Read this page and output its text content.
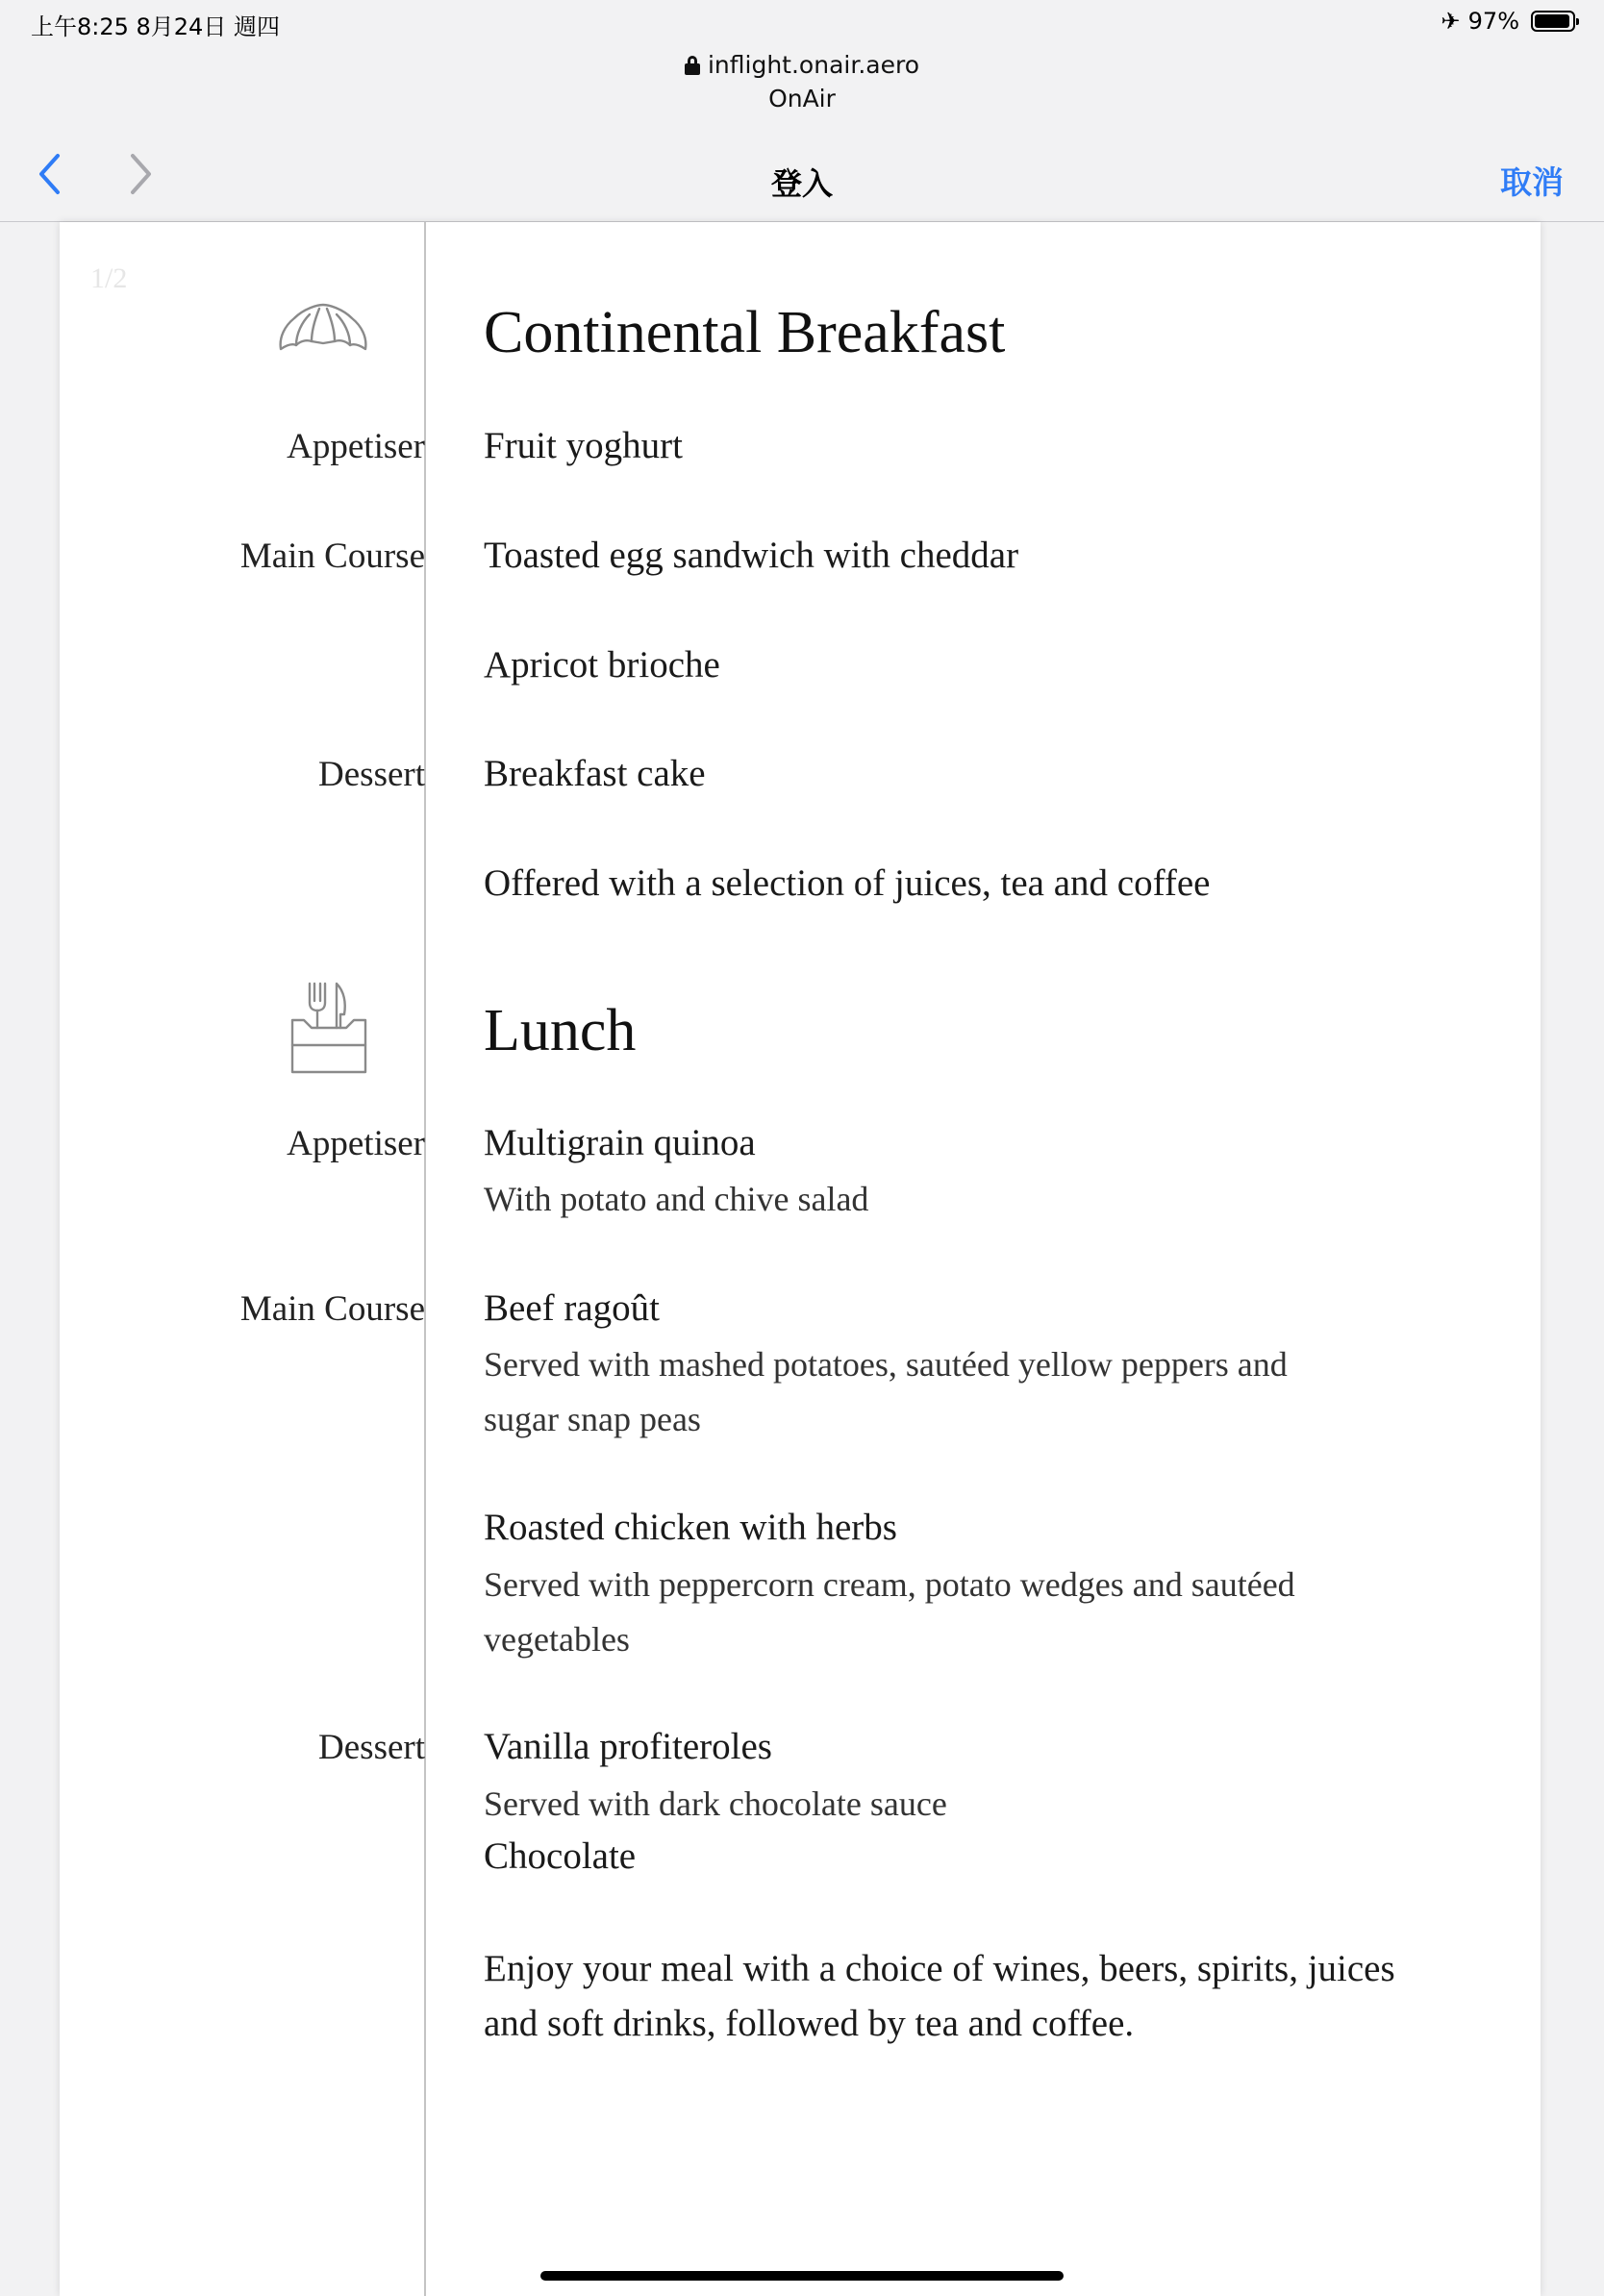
上午8:25 8月24日 週四	✈ 97%
inflight.onair.aero
OnAir
登入	取消
1/2
Continental Breakfast
Appetiser Fruit yoghurt
Main Course Toasted egg sandwich with cheddar
Apricot brioche
Dessert Breakfast cake
Offered with a selection of juices, tea and coffee
Lunch
Appetiser Multigrain quinoa
With potato and chive salad
Main Course Beef ragoût
Served with mashed potatoes, sautéed yellow peppers and sugar snap peas
Roasted chicken with herbs
Served with peppercorn cream, potato wedges and sautéed vegetables
Dessert Vanilla profiteroles
Served with dark chocolate sauce
Chocolate
Enjoy your meal with a choice of wines, beers, spirits, juices and soft drinks, followed by tea and coffee.
